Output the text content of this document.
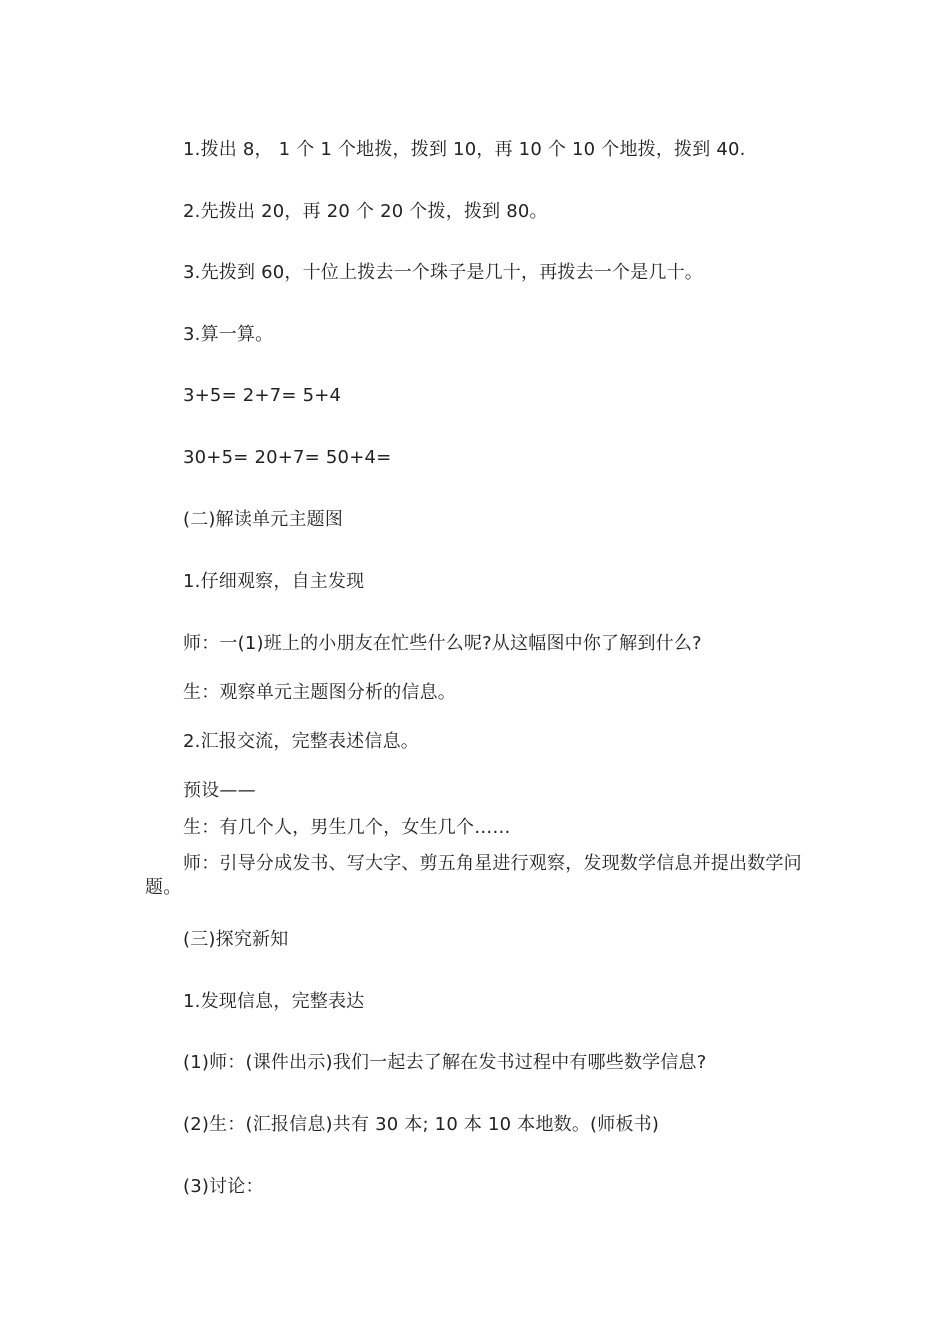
1.拨出 8， 1 个 1 个地拨，拨到 10，再 10 个 10 个地拨，拨到 40.
2.先拨出 20，再 20 个 20 个拨，拨到 80。
3.先拨到 60，十位上拨去一个珠子是几十，再拨去一个是几十。
3.算一算。
3+5= 2+7= 5+4
30+5= 20+7= 50+4=
(二)解读单元主题图
1.仔细观察，自主发现
师：一(1)班上的小朋友在忙些什么呢?从这幅图中你了解到什么?
生：观察单元主题图分析的信息。
2.汇报交流，完整表述信息。
预设——
生：有几个人，男生几个，女生几个……
师：引导分成发书、写大字、剪五角星进行观察，发现数学信息并提出数学问题。
(三)探究新知
1.发现信息，完整表达
(1)师：(课件出示)我们一起去了解在发书过程中有哪些数学信息?
(2)生：(汇报信息)共有 30 本; 10 本 10 本地数。(师板书)
(3)讨论：
